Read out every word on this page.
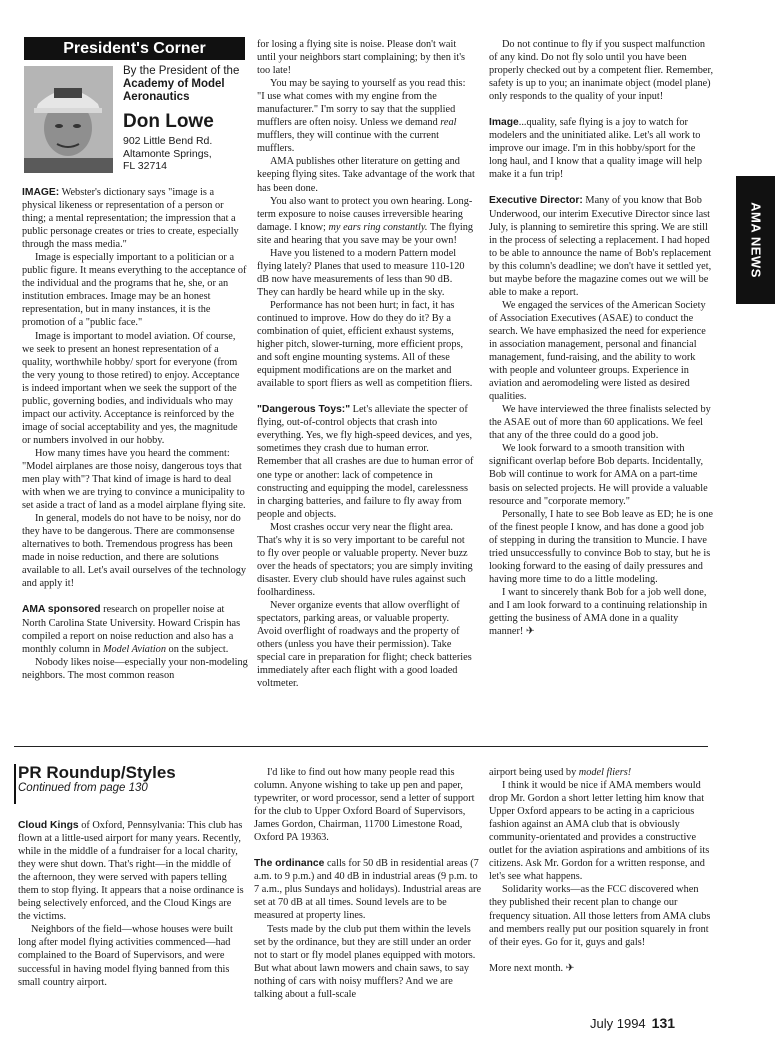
President's Corner
By the President of the
Academy of Model Aeronautics
Don Lowe
902 Little Bend Rd.
Altamonte Springs,
FL 32714
AMA NEWS

IMAGE: Webster's dictionary says "image is a physical likeness or representation of a person or thing; a mental representation; the impression that a public personage creates or tries to create, especially through the mass media."

Image is especially important to a politician or a public figure. It means everything to the acceptance of the individual and the programs that he, she, or an institution embraces. Image may be an honest representation, but in many instances, it is the promotion of a "public face."

Image is important to model aviation. Of course, we seek to present an honest representation of a quality, worthwhile hobby/ sport for everyone (from the very young to those retired) to enjoy. Acceptance is indeed important when we seek the support of the public, governing bodies, and individuals who may impact our activity. Acceptance is reinforced by the image of social acceptability and yes, the magnitude or numbers involved in our hobby.

How many times have you heard the comment: "Model airplanes are those noisy, dangerous toys that men play with"? That kind of image is hard to deal with when we are trying to convince a municipality to set aside a tract of land as a model airplane flying site.

In general, models do not have to be noisy, nor do they have to be dangerous. There are commonsense alternatives to both. Tremendous progress has been made in noise reduction, and there are solutions available to all. Let's avail ourselves of the technology and apply it!

AMA sponsored research on propeller noise at North Carolina State University. Howard Crispin has compiled a report on noise reduction and also has a monthly column in Model Aviation on the subject.

Nobody likes noise—especially your non-modeling neighbors. The most common reason

for losing a flying site is noise. Please don't wait until your neighbors start complaining; by then it's too late!

You may be saying to yourself as you read this: "I use what comes with my engine from the manufacturer." I'm sorry to say that the supplied mufflers are often noisy. Unless we demand real mufflers, they will continue with the current mufflers.

AMA publishes other literature on getting and keeping flying sites. Take advantage of the work that has been done.

You also want to protect you own hearing. Long-term exposure to noise causes irreversible hearing damage. I know; my ears ring constantly. The flying site and hearing that you save may be your own!

Have you listened to a modern Pattern model flying lately? Planes that used to measure 110-120 dB now have measurements of less than 90 dB. They can hardly be heard while up in the sky.

Performance has not been hurt; in fact, it has continued to improve. How do they do it? By a combination of quiet, efficient exhaust systems, higher pitch, slower-turning, more efficient props, and soft engine mounting systems. All of these equipment modifications are on the market and available to sport fliers as well as competition fliers.

"Dangerous Toys:" Let's alleviate the specter of flying, out-of-control objects that crash into everything. Yes, we fly high-speed devices, and yes, sometimes they crash due to human error. Remember that all crashes are due to human error of one type or another: lack of competence in constructing and equipping the model, carelessness in charging batteries, and failure to fly away from people and objects.

Most crashes occur very near the flight area. That's why it is so very important to be careful not to fly over people or valuable property. Never buzz over the heads of spectators; you are simply inviting disaster. Every club should have rules against such foolhardiness.

Never organize events that allow overflight of spectators, parking areas, or valuable property. Avoid overflight of roadways and the property of others (unless you have their permission). Take special care in preparation for flight; check batteries immediately after each flight with a good loaded voltmeter.

Do not continue to fly if you suspect malfunction of any kind. Do not fly solo until you have been properly checked out by a competent flier. Remember, safety is up to you; an inanimate object (model plane) only responds to the quality of your input!

Image...quality, safe flying is a joy to watch for modelers and the uninitiated alike. Let's all work to improve our image. I'm in this hobby/sport for the long haul, and I know that a quality image will help make it a fun trip!

Executive Director: Many of you know that Bob Underwood, our interim Executive Director since last July, is planning to semiretire this spring. We are still in the process of selecting a replacement. I had hoped to be able to announce the name of Bob's replacement by this column's deadline; we don't have it settled yet, but maybe before the magazine comes out we will be able to make a report.

We engaged the services of the American Society of Association Executives (ASAE) to conduct the search. We have emphasized the need for experience in association management, personal and financial management, fund-raising, and the ability to work with people and volunteer groups. Experience in aviation and aeromodeling were listed as desired qualities.

We have interviewed the three finalists selected by the ASAE out of more than 60 applications. We feel that any of the three could do a good job.

We look forward to a smooth transition with significant overlap before Bob departs. Incidentally, Bob will continue to work for AMA on a part-time basis on selected projects. He will provide a valuable resource and "corporate memory."

Personally, I hate to see Bob leave as ED; he is one of the finest people I know, and has done a good job of stepping in during the transition to Muncie. I have tried unsuccessfully to convince Bob to stay, but he is looking forward to the easing of daily pressures and having more time to do a little modeling.

I want to sincerely thank Bob for a job well done, and I am look forward to a continuing relationship in getting the business of AMA done in a quality manner! ✈

PR Roundup/Styles
Continued from page 130

Cloud Kings of Oxford, Pennsylvania: This club has flown at a little-used airport for many years. Recently, while in the middle of a fundraiser for a local charity, they were shut down. That's right—in the middle of the afternoon, they were served with papers telling them to stop flying. It appears that a noise ordinance is being selectively enforced, and the Cloud Kings are the victims.

Neighbors of the field—whose houses were built long after model flying activities commenced—had complained to the Board of Supervisors, and were successful in having model flying banned from this small country airport.

I'd like to find out how many people read this column. Anyone wishing to take up pen and paper, typewriter, or word processor, send a letter of support for the club to Upper Oxford Board of Supervisors, James Gordon, Chairman, 11700 Limestone Road, Oxford PA 19363.

The ordinance calls for 50 dB in residential areas (7 a.m. to 9 p.m.) and 40 dB in industrial areas (9 p.m. to 7 a.m., plus Sundays and holidays). Industrial areas are set at 70 dB at all times. Sound levels are to be measured at property lines.

Tests made by the club put them within the levels set by the ordinance, but they are still under an order not to start or fly model planes equipped with motors. But what about lawn mowers and chain saws, to say nothing of cars with noisy mufflers? And we are talking about a full-scale

airport being used by model fliers!

I think it would be nice if AMA members would drop Mr. Gordon a short letter letting him know that Upper Oxford appears to be acting in a capricious fashion against an AMA club that is obviously community-orientated and provides a constructive outlet for the aviation aspirations and ambitions of its citizens. Ask Mr. Gordon for a written response, and let's see what happens.

Solidarity works—as the FCC discovered when they published their recent plan to change our frequency situation. All those letters from AMA clubs and members really put our position squarely in front of their eyes. Go for it, guys and gals!

More next month. ✈

July 1994 131
